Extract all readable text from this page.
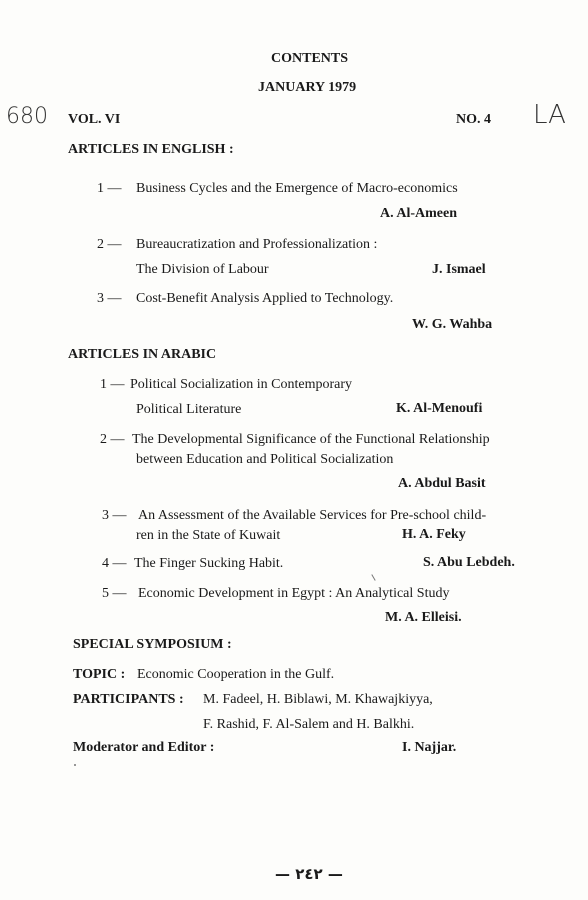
CONTENTS
JANUARY 1979
680 VOL. VI	NO. 4 LA
ARTICLES IN ENGLISH :
1 — Business Cycles and the Emergence of Macro-economics
A. Al-Ameen
2 — Bureaucratization and Professionalization :
The Division of Labour	J. Ismael
3 — Cost-Benefit Analysis Applied to Technology.
W. G. Wahba
ARTICLES IN ARABIC
1 — Political Socialization in Contemporary
Political Literature	K. Al-Menoufi
2 — The Developmental Significance of the Functional Relationship
between Education and Political Socialization
A. Abdul Basit
3 — An Assessment of the Available Services for Pre-school child-
ren in the State of Kuwait	H. A. Feky
4 — The Finger Sucking Habit.	S. Abu Lebdeh.
5 — Economic Development in Egypt : An Analytical Study
M. A. Elleisi.
SPECIAL SYMPOSIUM :
TOPIC : Economic Cooperation in the Gulf.
PARTICIPANTS : M. Fadeel, H. Biblawi, M. Khawajkiyya,
F. Rashid, F. Al-Salem and H. Balkhi.
Moderator and Editor :	I. Najjar.
— ٢٤٢ —
